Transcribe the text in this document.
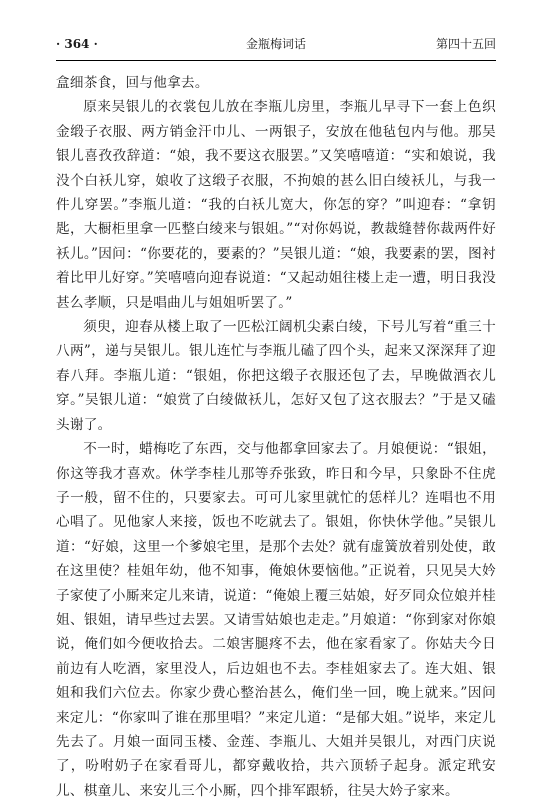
· 364 ·	金瓶梅词话	第四十五回

盒细茶食，回与他拿去。

原来吴银儿的衣裳包儿放在李瓶儿房里，李瓶儿早寻下一套上色织金缎子衣服、两方销金汗巾儿、一两银子，安放在他毡包内与他。那吴银儿喜孜孜辞道：“娘，我不要这衣服罢。”又笑嘻嘻道：“实和娘说，我没个白袄儿穿，娘收了这缎子衣服，不拘娘的甚么旧白绫袄儿，与我一件儿穿罢。”李瓶儿道：“我的白袄儿宽大，你怎的穿？”叫迎春：“拿钥匙，大橱柜里拿一匹整白绫来与银姐。”“对你妈说，教裁缝替你裁两件好袄儿。”因问：“你要花的，要素的？”吴银儿道：“娘，我要素的罢，图衬着比甲儿好穿。”笑嘻嘻向迎春说道：“又起动姐往楼上走一遭，明日我没甚么孝顺，只是唱曲儿与姐姐听罢了。”

须臾，迎春从楼上取了一匹松江阔机尖素白绫，下号儿写着“重三十八两”，递与吴银儿。银儿连忙与李瓶儿磕了四个头，起来又深深拜了迎春八拜。李瓶儿道：“银姐，你把这缎子衣服还包了去，早晚做酒衣儿穿。”吴银儿道：“娘赏了白绫做袄儿，怎好又包了这衣服去？”于是又磕头谢了。

不一时，蜡梅吃了东西，交与他都拿回家去了。月娘便说：“银姐，你这等我才喜欢。休学李桂儿那等乔张致，昨日和今早，只象卧不住虎子一般，留不住的，只要家去。可可儿家里就忙的恁样儿？连唱也不用心唱了。见他家人来接，饭也不吃就去了。银姐，你快休学他。”吴银儿道：“好娘，这里一个爹娘宅里，是那个去处？就有虚簧放着别处使，敢在这里使？桂姐年幼，他不知事，俺娘休要恼他。”正说着，只见吴大妗子家使了小厮来定儿来请，说道：“俺娘上覆三姑娘，好歹同众位娘并桂姐、银姐，请早些过去罢。又请雪姑娘也走走。”月娘道：“你到家对你娘说，俺们如今便收拾去。二娘害腿疼不去，他在家看家了。你姑夫今日前边有人吃酒，家里没人，后边姐也不去。李桂姐家去了。连大姐、银姐和我们六位去。你家少费心整治甚么，俺们坐一回，晚上就来。”因问来定儿：“你家叫了谁在那里唱？”来定儿道：“是郁大姐。”说毕，来定儿先去了。月娘一面同玉楼、金莲、李瓶儿、大姐并吴银儿，对西门庆说了，吩咐奶子在家看哥儿，都穿戴收拾，共六顶轿子起身。派定玳安儿、棋童儿、来安儿三个小厮，四个排军跟轿，往吴大妗子家来。
